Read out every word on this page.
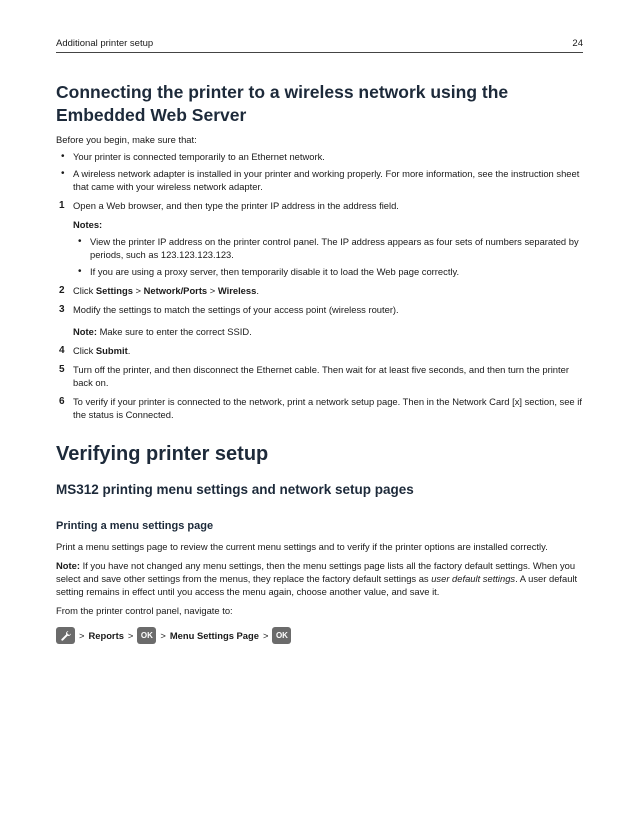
Additional printer setup	24
Connecting the printer to a wireless network using the Embedded Web Server

Before you begin, make sure that:

• Your printer is connected temporarily to an Ethernet network.
• A wireless network adapter is installed in your printer and working properly. For more information, see the instruction sheet that came with your wireless network adapter.
1 Open a Web browser, and then type the printer IP address in the address field.

Notes:

• View the printer IP address on the printer control panel. The IP address appears as four sets of numbers separated by periods, such as 123.123.123.123.
• If you are using a proxy server, then temporarily disable it to load the Web page correctly.
2 Click Settings > Network/Ports > Wireless.
3 Modify the settings to match the settings of your access point (wireless router).

Note: Make sure to enter the correct SSID.

4 Click Submit.
5 Turn off the printer, and then disconnect the Ethernet cable. Then wait for at least five seconds, and then turn the printer back on.
6 To verify if your printer is connected to the network, print a network setup page. Then in the Network Card [x] section, see if the status is Connected.
Verifying printer setup
MS312 printing menu settings and network setup pages
Printing a menu settings page

Print a menu settings page to review the current menu settings and to verify if the printer options are installed correctly.

Note: If you have not changed any menu settings, then the menu settings page lists all the factory default settings. When you select and save other settings from the menus, they replace the factory default settings as user default settings. A user default setting remains in effect until you access the menu again, choose another value, and save it.

From the printer control panel, navigate to:

> Reports > OK > Menu Settings Page > OK
